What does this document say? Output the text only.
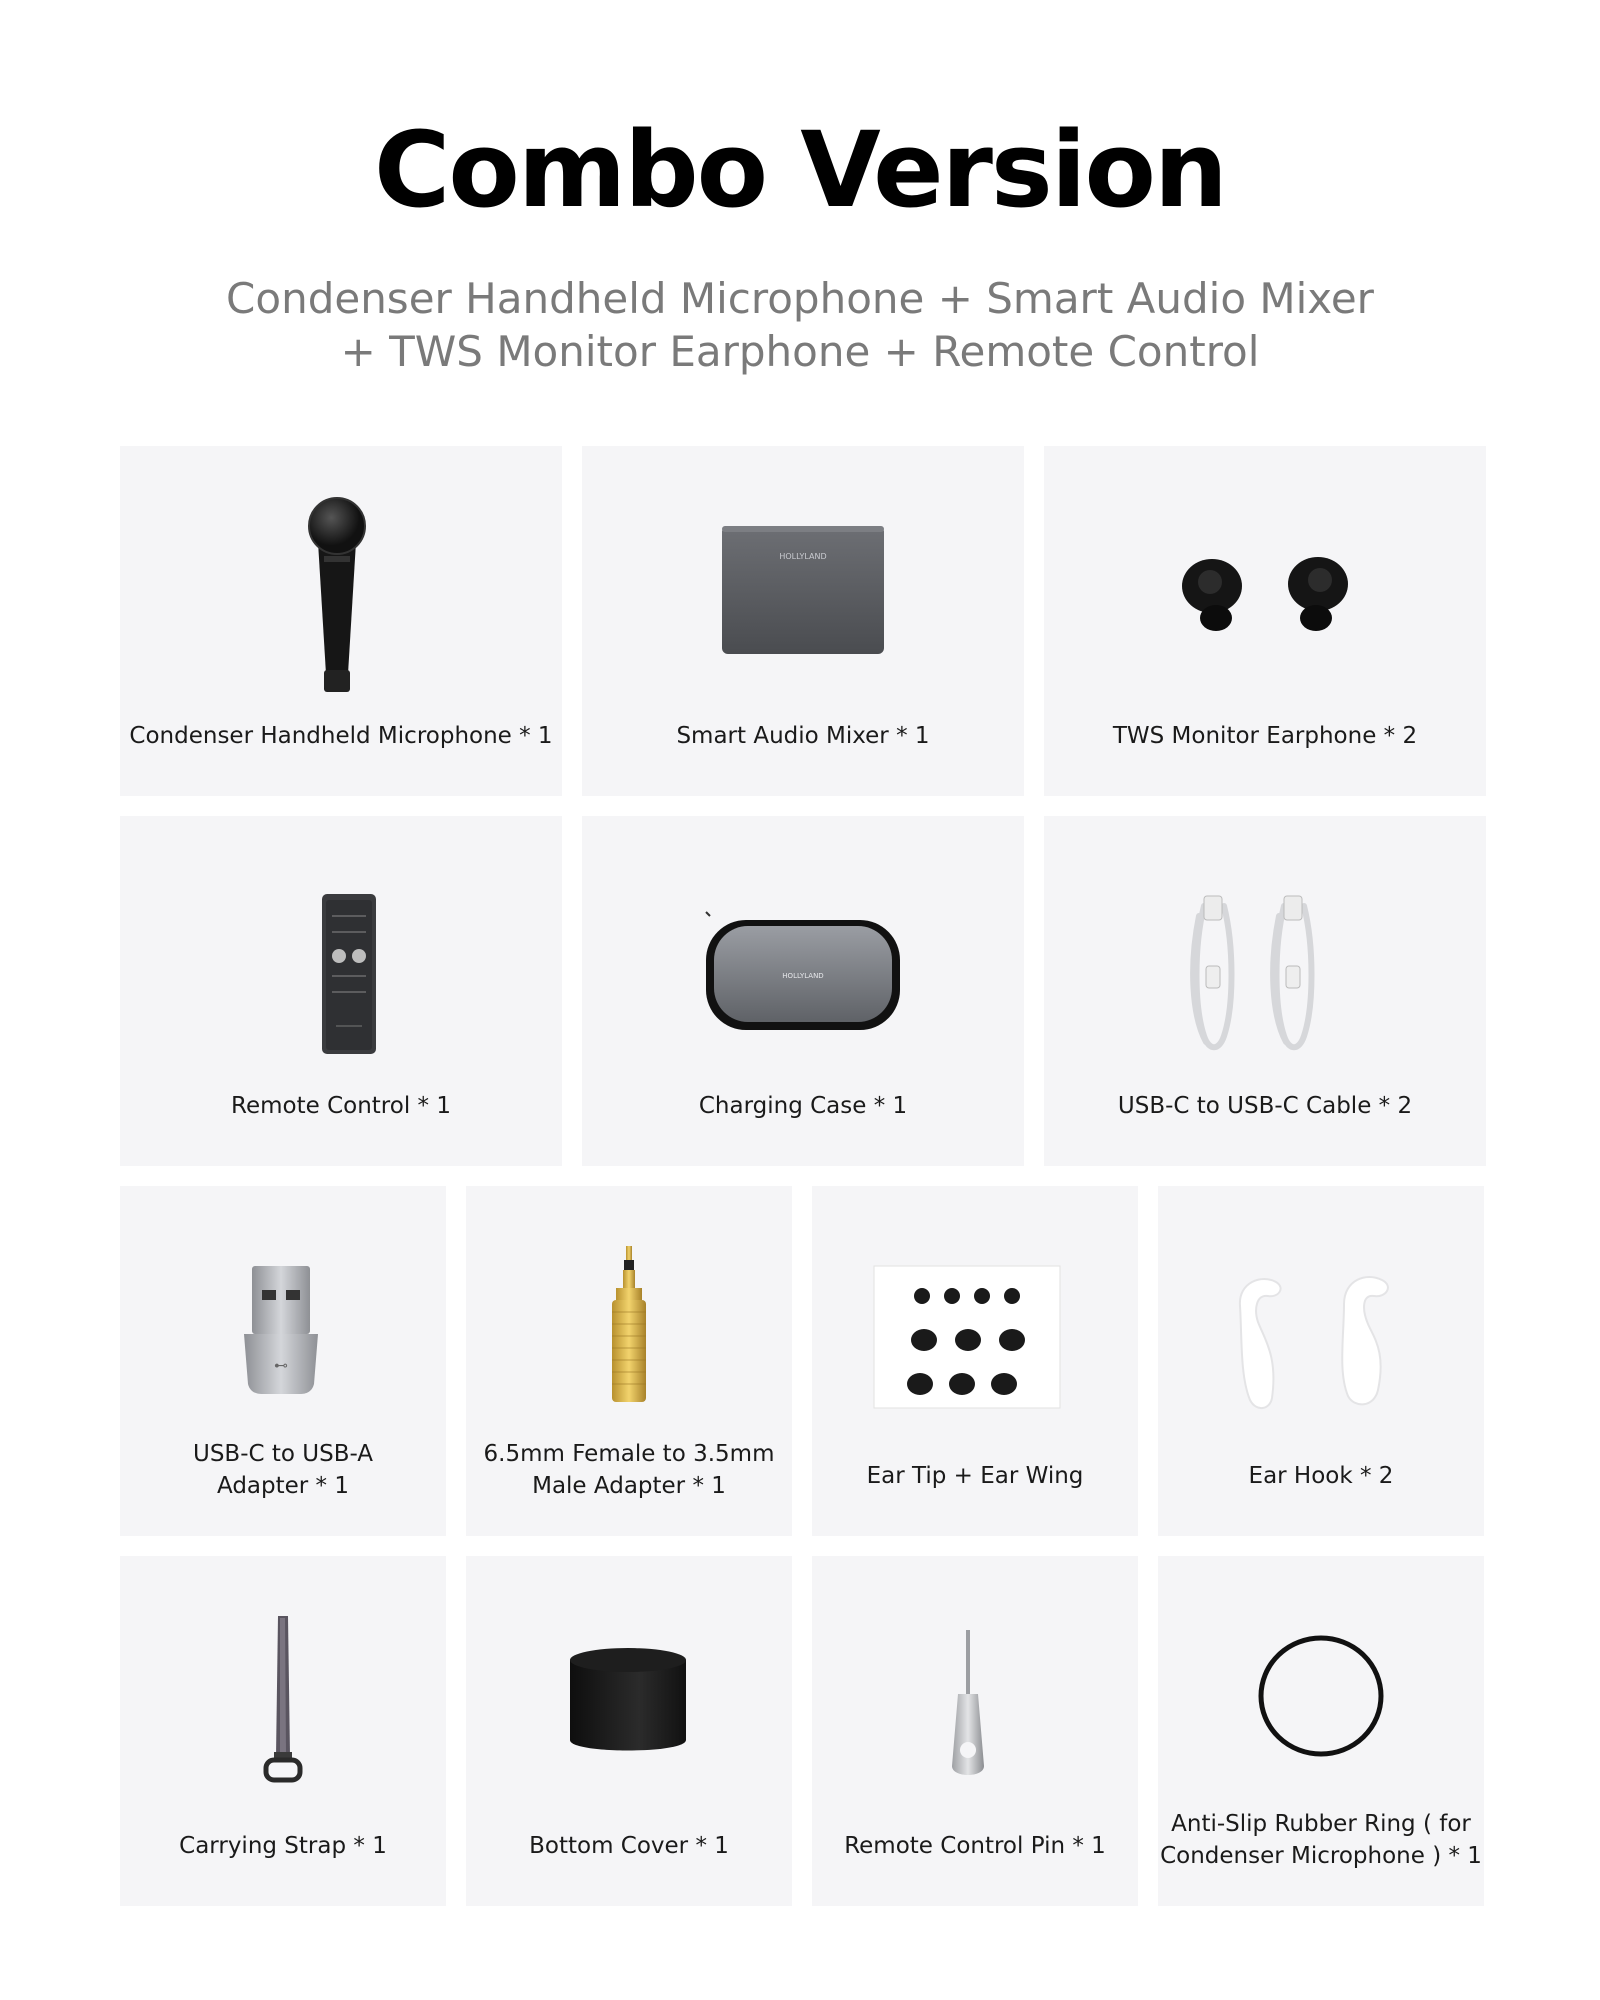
Combo Version
Condenser Handheld Microphone + Smart Audio Mixer + TWS Monitor Earphone + Remote Control
Condenser Handheld Microphone * 1
HOLLYLAND
Smart Audio Mixer * 1	TWS Monitor Earphone * 2
Remote Control * 1
HOLLYLAND
Charging Case * 1	USB-C to USB-C Cable * 2
⊷
USB-C to USB-A
Adapter * 1
6.5mm Female to 3.5mm
Male Adapter * 1	Ear Tip + Ear Wing	Ear Hook * 2
Carrying Strap * 1	Bottom Cover * 1	Remote Control Pin * 1
Anti-Slip Rubber Ring ( for
Condenser Microphone ) * 1
